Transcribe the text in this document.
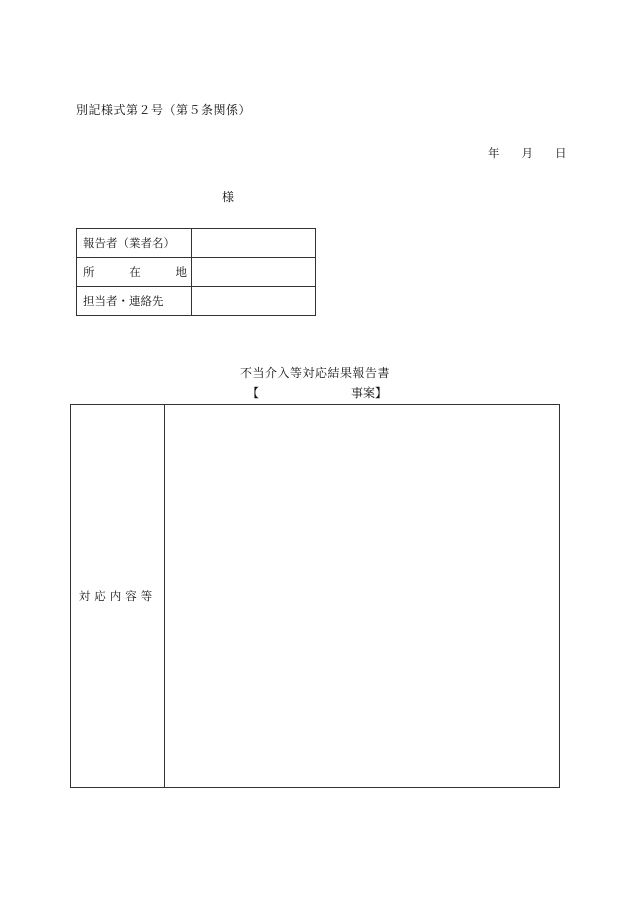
別記様式第２号（第５条関係）
年 月 日
様
報告者（業者名）	
所　　在　　地	
担当者・連絡先	
不当介入等対応結果報告書
【	事案】
対応内容等
